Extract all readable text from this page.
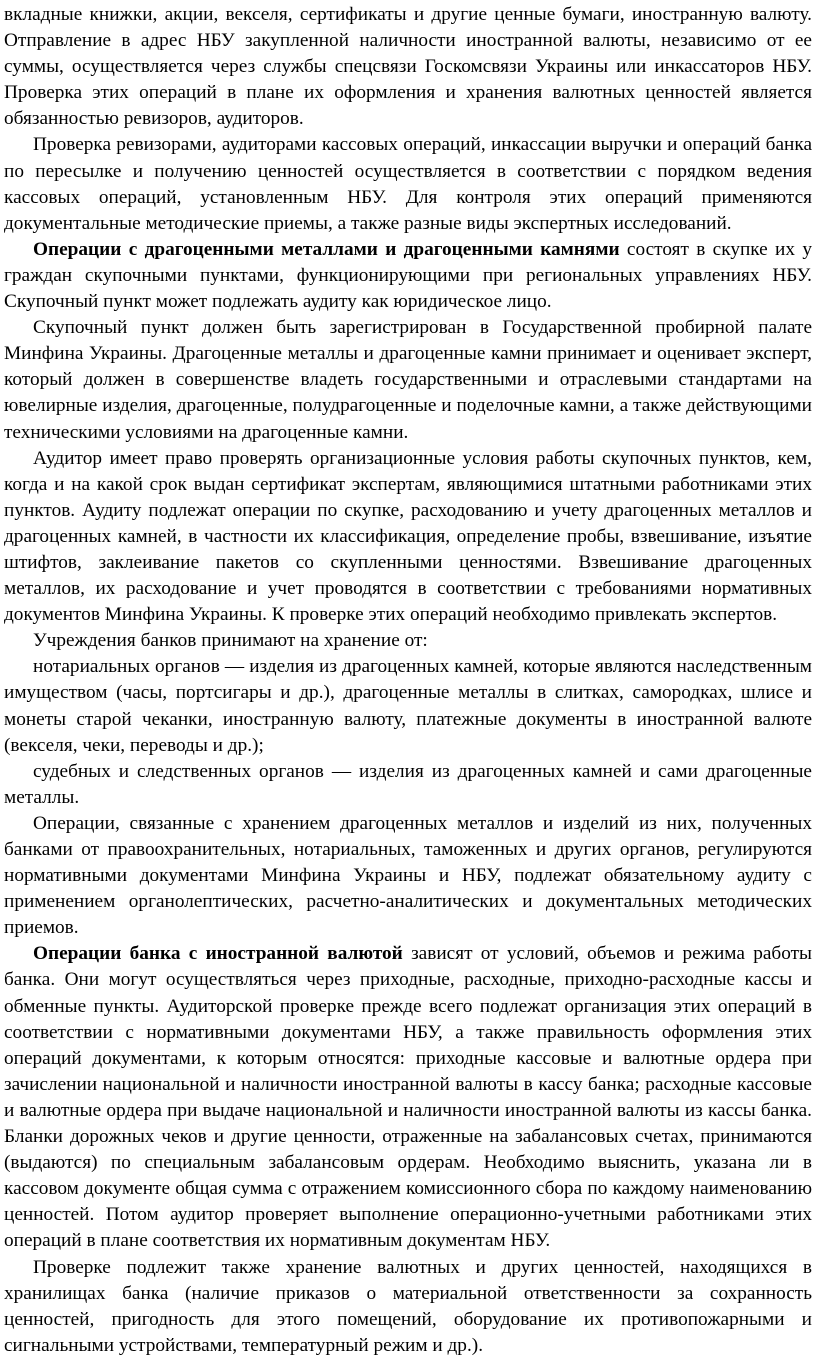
вкладные книжки, акции, векселя, сертификаты и другие ценные бумаги, иностранную валюту. Отправление в адрес НБУ закупленной наличности иностранной валюты, независимо от ее суммы, осуществляется через службы спецсвязи Госкомсвязи Украины или инкассаторов НБУ. Проверка этих операций в плане их оформления и хранения валютных ценностей является обязанностью ревизоров, аудиторов.

Проверка ревизорами, аудиторами кассовых операций, инкассации выручки и операций банка по пересылке и получению ценностей осуществляется в соответствии с порядком ведения кассовых операций, установленным НБУ. Для контроля этих операций применяются документальные методические приемы, а также разные виды экспертных исследований.

Операции с драгоценными металлами и драгоценными камнями состоят в скупке их у граждан скупочными пунктами, функционирующими при региональных управлениях НБУ. Скупочный пункт может подлежать аудиту как юридическое лицо.

Скупочный пункт должен быть зарегистрирован в Государственной пробирной палате Минфина Украины. Драгоценные металлы и драгоценные камни принимает и оценивает эксперт, который должен в совершенстве владеть государственными и отраслевыми стандартами на ювелирные изделия, драгоценные, полудрагоценные и поделочные камни, а также действующими техническими условиями на драгоценные камни.

Аудитор имеет право проверять организационные условия работы скупочных пунктов, кем, когда и на какой срок выдан сертификат экспертам, являющимися штатными работниками этих пунктов. Аудиту подлежат операции по скупке, расходованию и учету драгоценных металлов и драгоценных камней, в частности их классификация, определение пробы, взвешивание, изъятие штифтов, заклеивание пакетов со скупленными ценностями. Взвешивание драгоценных металлов, их расходование и учет проводятся в соответствии с требованиями нормативных документов Минфина Украины. К проверке этих операций необходимо привлекать экспертов.

Учреждения банков принимают на хранение от:

нотариальных органов — изделия из драгоценных камней, которые являются наследственным имуществом (часы, портсигары и др.), драгоценные металлы в слитках, самородках, шлисе и монеты старой чеканки, иностранную валюту, платежные документы в иностранной валюте (векселя, чеки, переводы и др.);

судебных и следственных органов — изделия из драгоценных камней и сами драгоценные металлы.

Операции, связанные с хранением драгоценных металлов и изделий из них, полученных банками от правоохранительных, нотариальных, таможенных и других органов, регулируются нормативными документами Минфина Украины и НБУ, подлежат обязательному аудиту с применением органолептических, расчетно-аналитических и документальных методических приемов.

Операции банка с иностранной валютой зависят от условий, объемов и режима работы банка. Они могут осуществляться через приходные, расходные, приходно-расходные кассы и обменные пункты. Аудиторской проверке прежде всего подлежат организация этих операций в соответствии с нормативными документами НБУ, а также правильность оформления этих операций документами, к которым относятся: приходные кассовые и валютные ордера при зачислении национальной и наличности иностранной валюты в кассу банка; расходные кассовые и валютные ордера при выдаче национальной и наличности иностранной валюты из кассы банка. Бланки дорожных чеков и другие ценности, отраженные на забалансовых счетах, принимаются (выдаются) по специальным забалансовым ордерам. Необходимо выяснить, указана ли в кассовом документе общая сумма с отражением комиссионного сбора по каждому наименованию ценностей. Потом аудитор проверяет выполнение операционно-учетными работниками этих операций в плане соответствия их нормативным документам НБУ.

Проверке подлежит также хранение валютных и других ценностей, находящихся в хранилищах банка (наличие приказов о материальной ответственности за сохранность ценностей, пригодность для этого помещений, оборудование их противопожарными и сигнальными устройствами, температурный режим и др.).
